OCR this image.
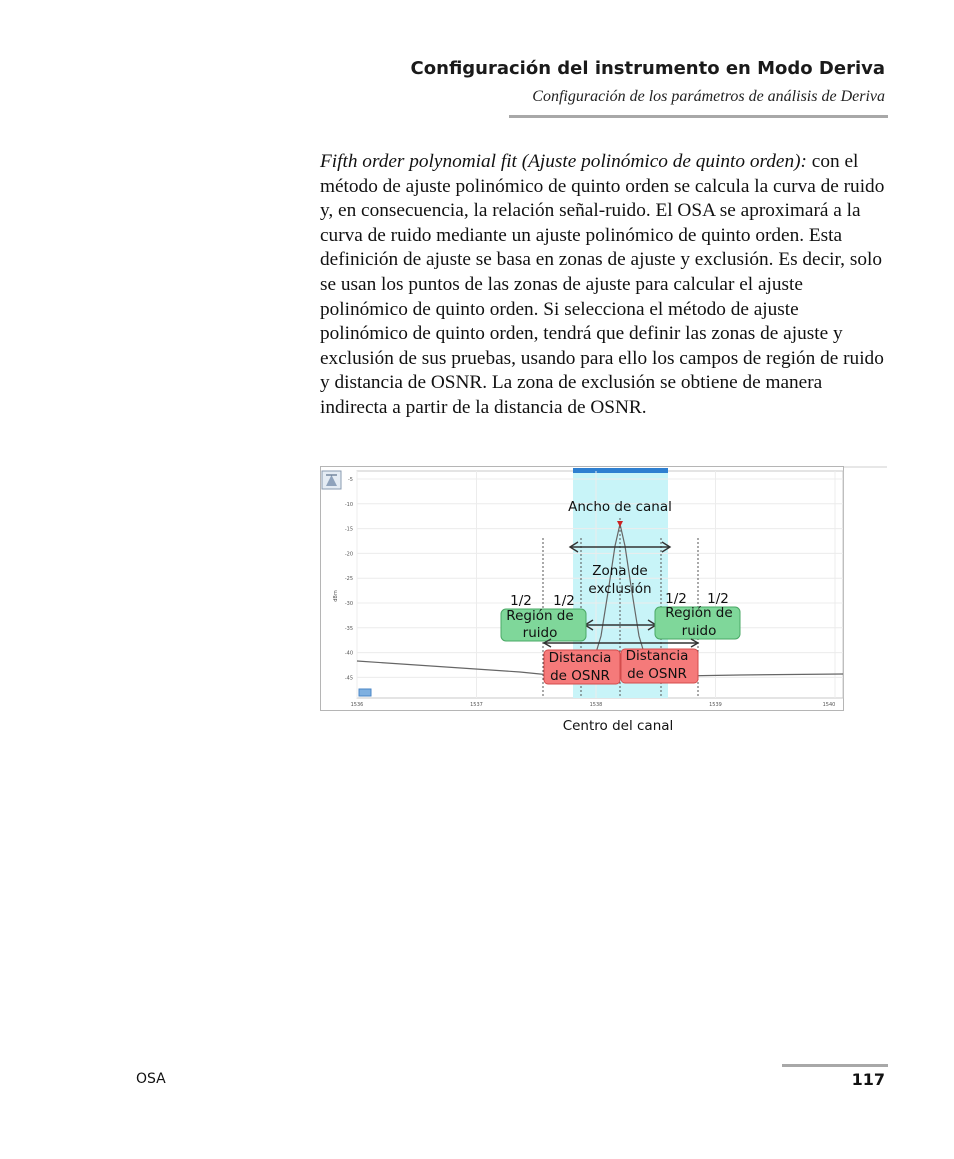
Configuración del instrumento en Modo Deriva
Configuración de los parámetros de análisis de Deriva
Fifth order polynomial fit (Ajuste polinómico de quinto orden): con el método de ajuste polinómico de quinto orden se calcula la curva de ruido y, en consecuencia, la relación señal-ruido. El OSA se aproximará a la curva de ruido mediante un ajuste polinómico de quinto orden. Esta definición de ajuste se basa en zonas de ajuste y exclusión. Es decir, solo se usan los puntos de las zonas de ajuste para calcular el ajuste polinómico de quinto orden. Si selecciona el método de ajuste polinómico de quinto orden, tendrá que definir las zonas de ajuste y exclusión de sus pruebas, usando para ello los campos de región de ruido y distancia de OSNR. La zona de exclusión se obtiene de manera indirecta a partir de la distancia de OSNR.
dBm
-5
-10
-15
-20
-25
-30
-35
-40
-45
1536	1537	1538	1539	1540
Ancho de canal
Zona de
exclusión
1/2 1/2	1/2 1/2
Región de
ruido
Región de
ruido
Distancia
de OSNR
Distancia
de OSNR
Centro del canal
OSA	117
